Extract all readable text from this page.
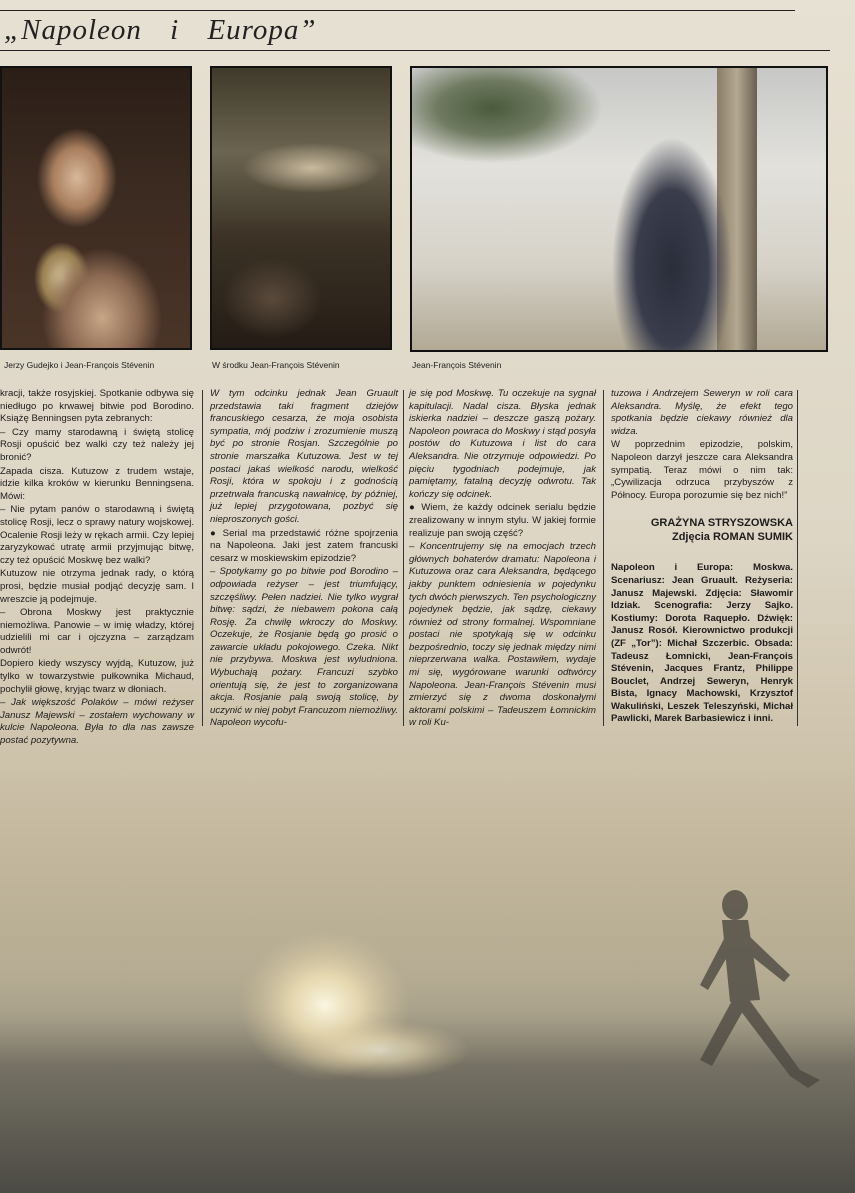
„Napoleon i Europa”
Jerzy Gudejko i Jean-François Stévenin	W środku Jean-François Stévenin	Jean-François Stévenin

kracji, także rosyjskiej. Spotkanie odbywa się niedługo po krwawej bitwie pod Borodino. Książę Benningsen pyta zebranych:

– Czy mamy starodawną i świętą stolicę Rosji opuścić bez walki czy też należy jej bronić?

Zapada cisza. Kutuzow z trudem wstaje, idzie kilka kroków w kierunku Benningsena. Mówi:

– Nie pytam panów o starodawną i świętą stolicę Rosji, lecz o sprawy natury wojskowej. Ocalenie Rosji leży w rękach armii. Czy lepiej zaryzykować utratę armii przyjmując bitwę, czy też opuścić Moskwę bez walki?

Kutuzow nie otrzyma jednak rady, o którą prosi, będzie musiał podjąć decyzję sam. I wreszcie ją podejmuje.

– Obrona Moskwy jest praktycznie niemożliwa. Panowie – w imię władzy, której udzielili mi car i ojczyzna – zarządzam odwrót!

Dopiero kiedy wszyscy wyjdą, Kutuzow, już tylko w towarzystwie pułkownika Michaud, pochylił głowę, kryjąc twarz w dłoniach.

– Jak większość Polaków – mówi reżyser Janusz Majewski – zostałem wychowany w kulcie Napoleona. Była to dla nas zawsze postać pozytywna.

W tym odcinku jednak Jean Gruault przedstawia taki fragment dziejów francuskiego cesarza, że moja osobista sympatia, mój podziw i zrozumienie muszą być po stronie Rosjan. Szczególnie po stronie marszałka Kutuzowa. Jest w tej postaci jakaś wielkość narodu, wielkość Rosji, która w spokoju i z godnością przetrwała francuską nawałnicę, by później, już lepiej przygotowana, pozbyć się nieproszonych gości.

● Serial ma przedstawić różne spojrzenia na Napoleona. Jaki jest zatem francuski cesarz w moskiewskim epizodzie?

– Spotykamy go po bitwie pod Borodino – odpowiada reżyser – jest triumfujący, szczęśliwy. Pełen nadziei. Nie tylko wygrał bitwę: sądzi, że niebawem pokona całą Rosję. Za chwilę wkroczy do Moskwy. Oczekuje, że Rosjanie będą go prosić o zawarcie układu pokojowego. Czeka. Nikt nie przybywa. Moskwa jest wyludniona. Wybuchają pożary. Francuzi szybko orientują się, że jest to zorganizowana akcja. Rosjanie palą swoją stolicę, by uczynić w niej pobyt Francuzom niemożliwy. Napoleon wycofu-

je się pod Moskwę. Tu oczekuje na sygnał kapitulacji. Nadal cisza. Błyska jednak iskierka nadziei – deszcze gaszą pożary. Napoleon powraca do Moskwy i stąd posyła postów do Kutuzowa i list do cara Aleksandra. Nie otrzymuje odpowiedzi. Po pięciu tygodniach podejmuje, jak pamiętamy, fatalną decyzję odwrotu. Tak kończy się odcinek.

● Wiem, że każdy odcinek serialu będzie zrealizowany w innym stylu. W jakiej formie realizuje pan swoją część?

– Koncentrujemy się na emocjach trzech głównych bohaterów dramatu: Napoleona i Kutuzowa oraz cara Aleksandra, będącego jakby punktem odniesienia w pojedynku tych dwóch pierwszych. Ten psychologiczny pojedynek będzie, jak sądzę, ciekawy również od strony formalnej. Wspomniane postaci nie spotykają się w odcinku bezpośrednio, toczy się jednak między nimi nieprzerwana walka. Postawiłem, wydaje mi się, wygórowane warunki odtwórcy Napoleona. Jean-François Stévenin musi zmierzyć się z dwoma doskonałymi aktorami polskimi – Tadeuszem Łomnickim w roli Ku-

tuzowa i Andrzejem Seweryn w roli cara Aleksandra. Myślę, że efekt tego spotkania będzie ciekawy również dla widza.

W poprzednim epizodzie, polskim, Napoleon darzył jeszcze cara Aleksandra sympatią. Teraz mówi o nim tak: „Cywilizacja odrzuca przybyszów z Północy. Europa porozumie się bez nich!”

GRAŻYNA STRYSZOWSKA
Zdjęcia ROMAN SUMIK

Napoleon i Europa: Moskwa. Scenariusz: Jean Gruault. Reżyseria: Janusz Majewski. Zdjęcia: Sławomir Idziak. Scenografia: Jerzy Sajko. Kostiumy: Dorota Raquepło. Dźwięk: Janusz Rosół. Kierownictwo produkcji (ZF „Tor”): Michał Szczerbic. Obsada: Tadeusz Łomnicki, Jean-François Stévenin, Jacques Frantz, Philippe Bouclet, Andrzej Seweryn, Henryk Bista, Ignacy Machowski, Krzysztof Wakuliński, Leszek Teleszyński, Michał Pawlicki, Marek Barbasiewicz i inni.
